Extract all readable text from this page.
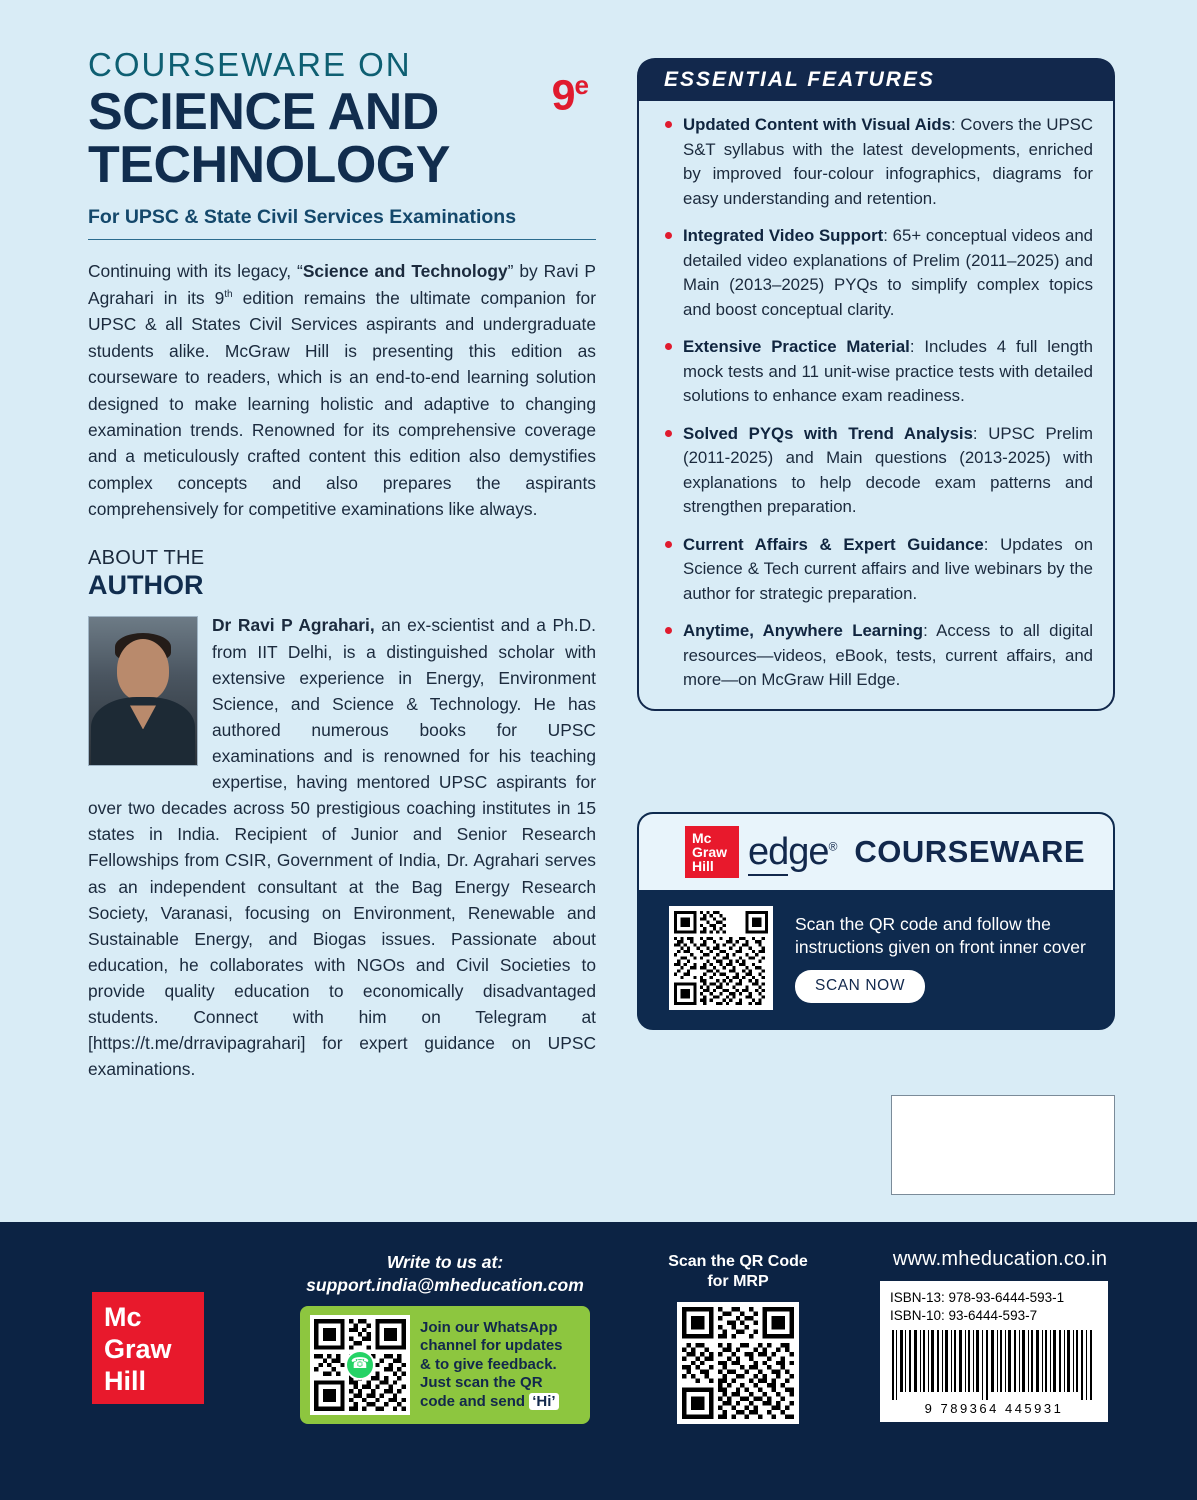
COURSEWARE ON
9e
SCIENCE AND
TECHNOLOGY
For UPSC & State Civil Services Examinations
Continuing with its legacy, “Science and Technology” by Ravi P Agrahari in its 9th edition remains the ultimate companion for UPSC & all States Civil Services aspirants and undergraduate students alike. McGraw Hill is presenting this edition as courseware to readers, which is an end-to-end learning solution designed to make learning holistic and adaptive to changing examination trends. Renowned for its comprehensive coverage and a meticulously crafted content this edition also demystifies complex concepts and also prepares the aspirants comprehensively for competitive examinations like always.
ABOUT THE
AUTHOR
Dr Ravi P Agrahari, an ex-scientist and a Ph.D. from IIT Delhi, is a distinguished scholar with extensive experience in Energy, Environment Science, and Science & Technology. He has authored numerous books for UPSC examinations and is renowned for his teaching expertise, having mentored UPSC aspirants for over two decades across 50 prestigious coaching institutes in 15 states in India. Recipient of Junior and Senior Research Fellowships from CSIR, Government of India, Dr. Agrahari serves as an independent consultant at the Bag Energy Research Society, Varanasi, focusing on Environment, Renewable and Sustainable Energy, and Biogas issues. Passionate about education, he collaborates with NGOs and Civil Societies to provide quality education to economically disadvantaged students. Connect with him on Telegram at [https://t.me/drravipagrahari] for expert guidance on UPSC examinations.
ESSENTIAL FEATURES
Updated Content with Visual Aids: Covers the UPSC S&T syllabus with the latest developments, enriched by improved four-colour infographics, diagrams for easy understanding and retention.
Integrated Video Support: 65+ conceptual videos and detailed video explanations of Prelim (2011–2025) and Main (2013–2025) PYQs to simplify complex topics and boost conceptual clarity.
Extensive Practice Material: Includes 4 full length mock tests and 11 unit-wise practice tests with detailed solutions to enhance exam readiness.
Solved PYQs with Trend Analysis: UPSC Prelim (2011-2025) and Main questions (2013-2025) with explanations to help decode exam patterns and strengthen preparation.
Current Affairs & Expert Guidance: Updates on Science & Tech current affairs and live webinars by the author for strategic preparation.
Anytime, Anywhere Learning: Access to all digital resources—videos, eBook, tests, current affairs, and more—on McGraw Hill Edge.
Mc
Graw
Hill edge® COURSEWARE
Scan the QR code and follow the instructions given on front inner cover
SCAN NOW
Mc
Graw
Hill
Write to us at:
support.india@mheducation.com
☎
Join our WhatsApp
channel for updates
& to give feedback.
Just scan the QR
code and send ‘Hi’
Scan the QR Code
for MRP
www.mheducation.co.in
ISBN-13: 978-93-6444-593-1
ISBN-10: 93-6444-593-7
9 789364 445931
